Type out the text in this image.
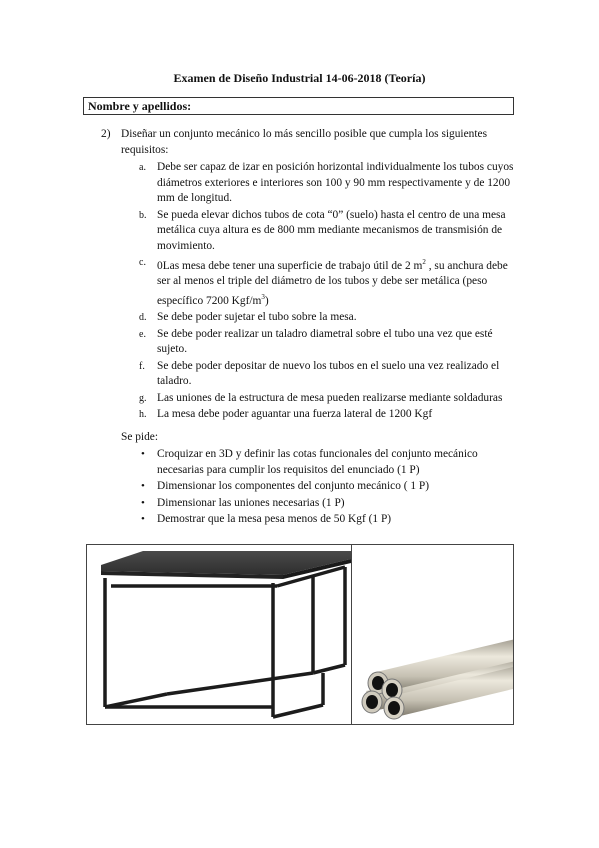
Examen de Diseño Industrial 14-06-2018 (Teoría)
Nombre y apellidos:
2) Diseñar un conjunto mecánico lo más sencillo posible que cumpla los siguientes requisitos:
a. Debe ser capaz de izar en posición horizontal individualmente los tubos cuyos diámetros exteriores e interiores son 100 y 90 mm respectivamente y de 1200 mm de longitud.
b. Se pueda elevar dichos tubos de cota “0” (suelo) hasta el centro de una mesa metálica cuya altura es de 800 mm mediante mecanismos de transmisión de movimiento.
c. 0Las mesa debe tener una superficie de trabajo útil de 2 $m^2$ , su anchura debe ser al menos el triple del diámetro de los tubos y debe ser metálica (peso específico 7200 Kgf/$m^3$)
d. Se debe poder sujetar el tubo sobre la mesa.
e. Se debe poder realizar un taladro diametral sobre el tubo una vez que esté sujeto.
f. Se debe poder depositar de nuevo los tubos en el suelo una vez realizado el taladro.
g. Las uniones de la estructura de mesa pueden realizarse mediante soldaduras
h. La mesa debe poder aguantar una fuerza lateral de 1200 Kgf
Se pide:
• Croquizar en 3D y definir las cotas funcionales del conjunto mecánico necesarias para cumplir los requisitos del enunciado (1 P)
• Dimensionar los componentes del conjunto mecánico ( 1 P)
• Dimensionar las uniones necesarias (1 P)
• Demostrar que la mesa pesa menos de 50 Kgf (1 P)
